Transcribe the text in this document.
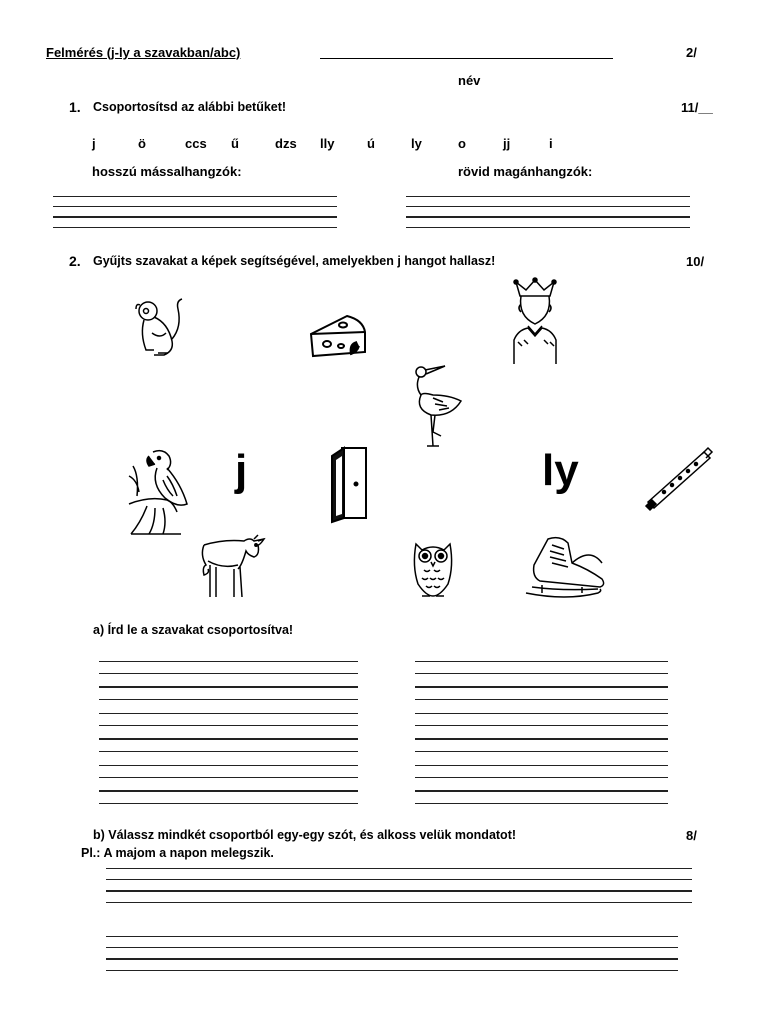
Felmérés (j-ly a szavakban/abc)	2/
név
1. Csoportosítsd az alábbi betűket!	11/__
j	ö	ccs ű	dzs lly	ú	ly	o	jj	i
hosszú mássalhangzók:	rövid magánhangzók:
2. Gyűjts szavakat a képek segítségével, amelyekben j hangot hallasz!	10/
j	ly
a) Írd le a szavakat csoportosítva!
b) Válassz mindkét csoportból egy-egy szót, és alkoss velük mondatot!	8/
Pl.: A majom a napon melegszik.
